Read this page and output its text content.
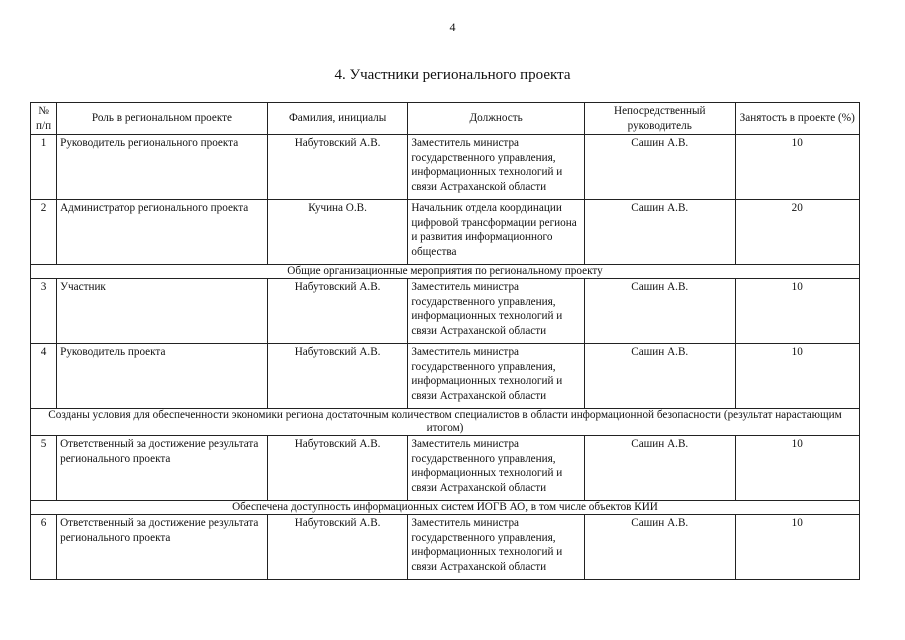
4
4. Участники регионального проекта
№ п/п	Роль в региональном проекте	Фамилия, инициалы	Должность	Непосредственный руководитель	Занятость в проекте (%)
1	Руководитель регионального проекта	Набутовский А.В.	Заместитель министра государственного управления, информационных технологий и связи Астраханской области	Сашин А.В.	10
2	Администратор регионального проекта	Кучина О.В.	Начальник отдела координации цифровой трансформации региона и развития информационного общества	Сашин А.В.	20
Общие организационные мероприятия по региональному проекту					
3	Участник	Набутовский А.В.	Заместитель министра государственного управления, информационных технологий и связи Астраханской области	Сашин А.В.	10
4	Руководитель проекта	Набутовский А.В.	Заместитель министра государственного управления, информационных технологий и связи Астраханской области	Сашин А.В.	10
Созданы условия для обеспеченности экономики региона достаточным количеством специалистов в области информационной безопасности (результат нарастающим итогом)					
5	Ответственный за достижение результата регионального проекта	Набутовский А.В.	Заместитель министра государственного управления, информационных технологий и связи Астраханской области	Сашин А.В.	10
Обеспечена доступность информационных систем ИОГВ АО, в том числе объектов КИИ					
6	Ответственный за достижение результата регионального проекта	Набутовский А.В.	Заместитель министра государственного управления, информационных технологий и связи Астраханской области	Сашин А.В.	10
